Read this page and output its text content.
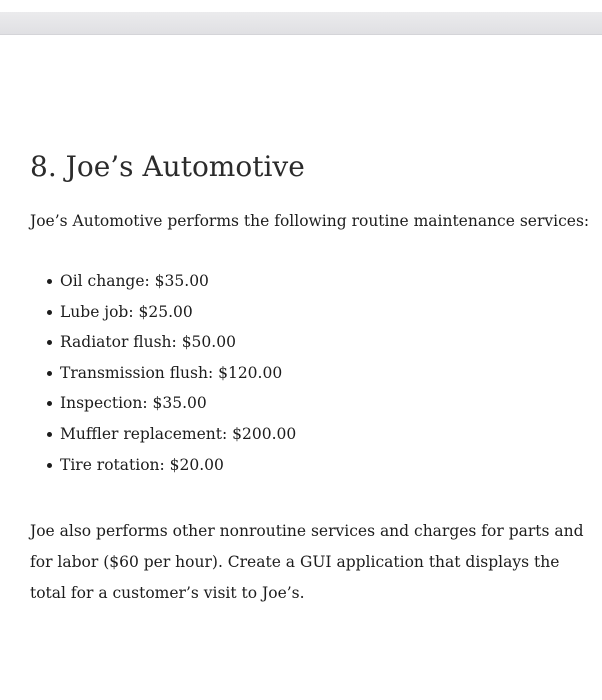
8. Joe’s Automotive

Joe’s Automotive performs the following routine maintenance services:

Oil change: $35.00
Lube job: $25.00
Radiator flush: $50.00
Transmission flush: $120.00
Inspection: $35.00
Muffler replacement: $200.00
Tire rotation: $20.00

Joe also performs other nonroutine services and charges for parts and for labor ($60 per hour). Create a GUI application that displays the total for a customer’s visit to Joe’s.
